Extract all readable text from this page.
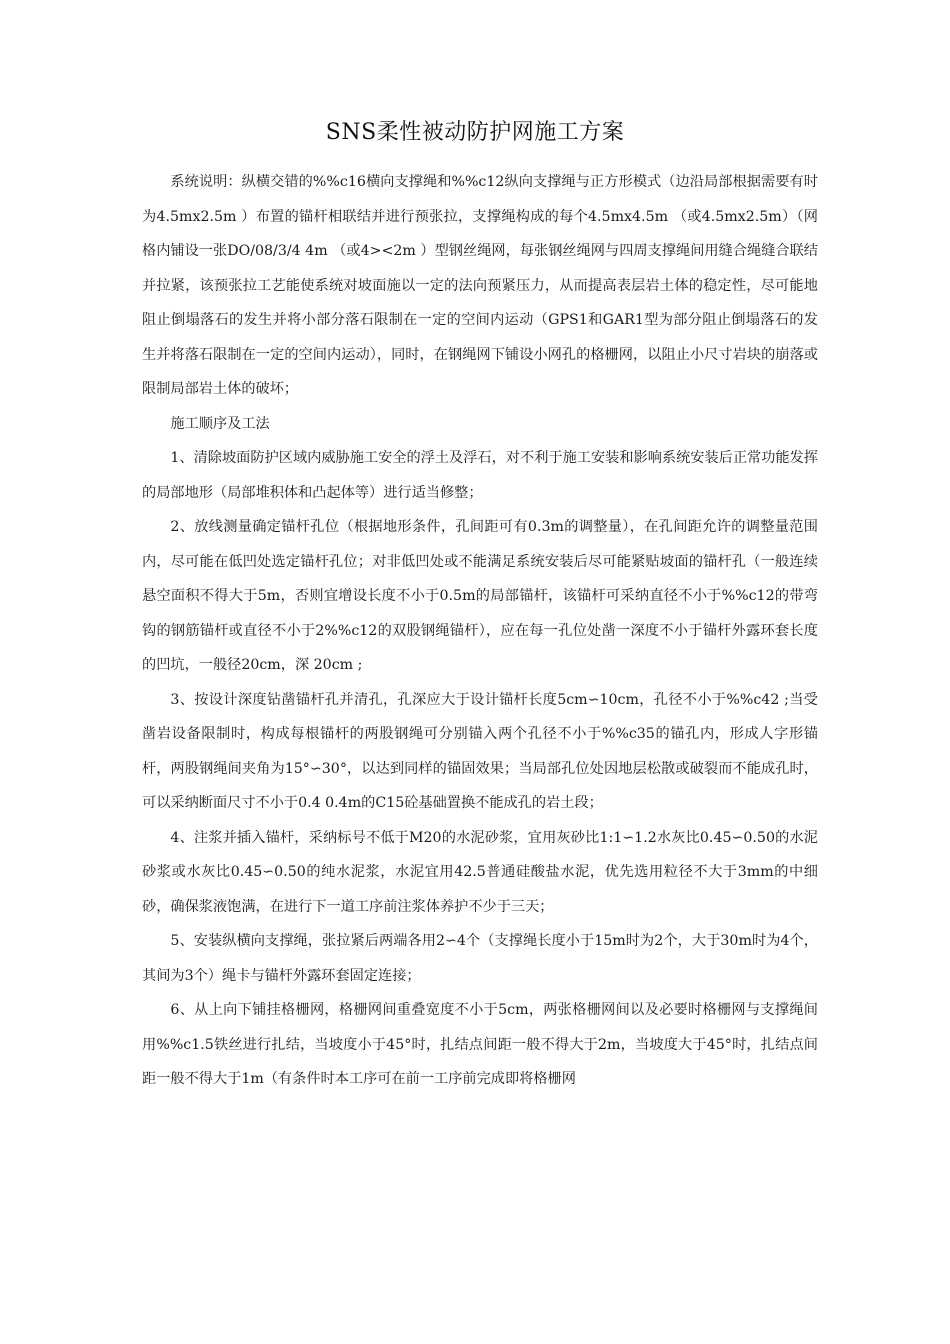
SNS柔性被动防护网施工方案

系统说明：纵横交错的%%c16横向支撑绳和%%c12纵向支撑绳与正方形模式（边沿局部根据需要有时为4.5mx2.5m ）布置的锚杆相联结并进行预张拉，支撑绳构成的每个4.5mx4.5m （或4.5mx2.5m）（网格内铺设一张DO/08/3/4 4m （或4><2m ）型钢丝绳网，每张钢丝绳网与四周支撑绳间用缝合绳缝合联结并拉紧，该预张拉工艺能使系统对坡面施以一定的法向预紧压力，从而提高表层岩土体的稳定性，尽可能地阻止倒塌落石的发生并将小部分落石限制在一定的空间内运动（GPS1和GAR1型为部分阻止倒塌落石的发生并将落石限制在一定的空间内运动），同时，在钢绳网下铺设小网孔的格栅网，以阻止小尺寸岩块的崩落或限制局部岩土体的破坏；

施工顺序及工法

1、清除坡面防护区域内威胁施工安全的浮土及浮石，对不利于施工安装和影响系统安装后正常功能发挥的局部地形（局部堆积体和凸起体等）进行适当修整；

2、放线测量确定锚杆孔位（根据地形条件，孔间距可有0.3m的调整量），在孔间距允许的调整量范围内，尽可能在低凹处选定锚杆孔位；对非低凹处或不能满足系统安装后尽可能紧贴坡面的锚杆孔（一般连续悬空面积不得大于5m，否则宜增设长度不小于0.5m的局部锚杆，该锚杆可采纳直径不小于%%c12的带弯钩的钢筋锚杆或直径不小于2%%c12的双股钢绳锚杆），应在每一孔位处凿一深度不小于锚杆外露环套长度的凹坑，一般径20cm，深 20cm ;

3、按设计深度钻凿锚杆孔并清孔，孔深应大于设计锚杆长度5cm∽10cm，孔径不小于%%c42 ;当受凿岩设备限制时，构成每根锚杆的两股钢绳可分别锚入两个孔径不小于%%c35的锚孔内，形成人字形锚杆，两股钢绳间夹角为15°∽30°，以达到同样的锚固效果；当局部孔位处因地层松散或破裂而不能成孔时，可以采纳断面尺寸不小于0.4 0.4m的C15砼基础置换不能成孔的岩土段；

4、注浆并插入锚杆，采纳标号不低于M20的水泥砂浆，宜用灰砂比1:1∽1.2水灰比0.45∽0.50的水泥砂浆或水灰比0.45∽0.50的纯水泥浆，水泥宜用42.5普通硅酸盐水泥，优先选用粒径不大于3mm的中细砂，确保浆液饱满，在进行下一道工序前注浆体养护不少于三天；

5、安装纵横向支撑绳，张拉紧后两端各用2∽4个（支撑绳长度小于15m时为2个，大于30m时为4个，其间为3个）绳卡与锚杆外露环套固定连接；

6、从上向下铺挂格栅网，格栅网间重叠宽度不小于5cm，两张格栅网间以及必要时格栅网与支撑绳间用%%c1.5铁丝进行扎结，当坡度小于45°时，扎结点间距一般不得大于2m，当坡度大于45°时，扎结点间距一般不得大于1m（有条件时本工序可在前一工序前完成即将格栅网
